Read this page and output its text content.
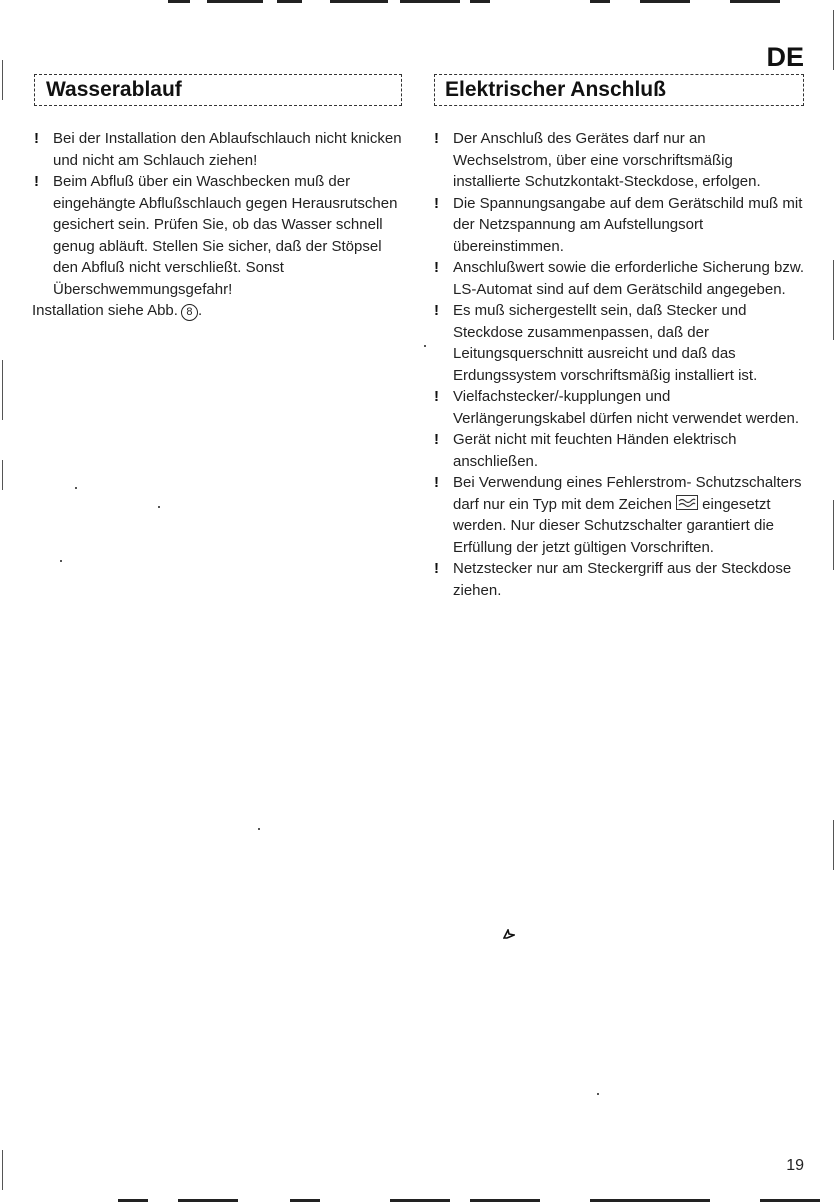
DE
Wasserablauf
! Bei der Installation den Ablaufschlauch nicht knicken und nicht am Schlauch ziehen!
! Beim Abfluß über ein Waschbecken muß der eingehängte Abflußschlauch gegen Herausrutschen gesichert sein. Prüfen Sie, ob das Wasser schnell genug abläuft. Stellen Sie sicher, daß der Stöpsel den Abfluß nicht verschließt. Sonst Überschwemmungsgefahr!
Installation siehe Abb. 8 .
Elektrischer Anschluß
! Der Anschluß des Gerätes darf nur an Wechselstrom, über eine vorschriftsmäßig installierte Schutzkontakt-Steckdose, erfolgen.
! Die Spannungsangabe auf dem Gerätschild muß mit der Netzspannung am Aufstellungsort übereinstimmen.
! Anschlußwert sowie die erforderliche Sicherung bzw. LS-Automat sind auf dem Gerätschild angegeben.
! Es muß sichergestellt sein, daß Stecker und Steckdose zusammenpassen, daß der Leitungsquerschnitt ausreicht und daß das Erdungssystem vorschriftsmäßig installiert ist.
! Vielfachstecker/-kupplungen und Verlängerungskabel dürfen nicht verwendet werden.
! Gerät nicht mit feuchten Händen elektrisch anschließen.
! Bei Verwendung eines Fehlerstrom- Schutzschalters darf nur ein Typ mit dem Zeichen eingesetzt werden. Nur dieser Schutzschalter garantiert die Erfüllung der jetzt gültigen Vorschriften.
! Netzstecker nur am Steckergriff aus der Steckdose ziehen.
19
